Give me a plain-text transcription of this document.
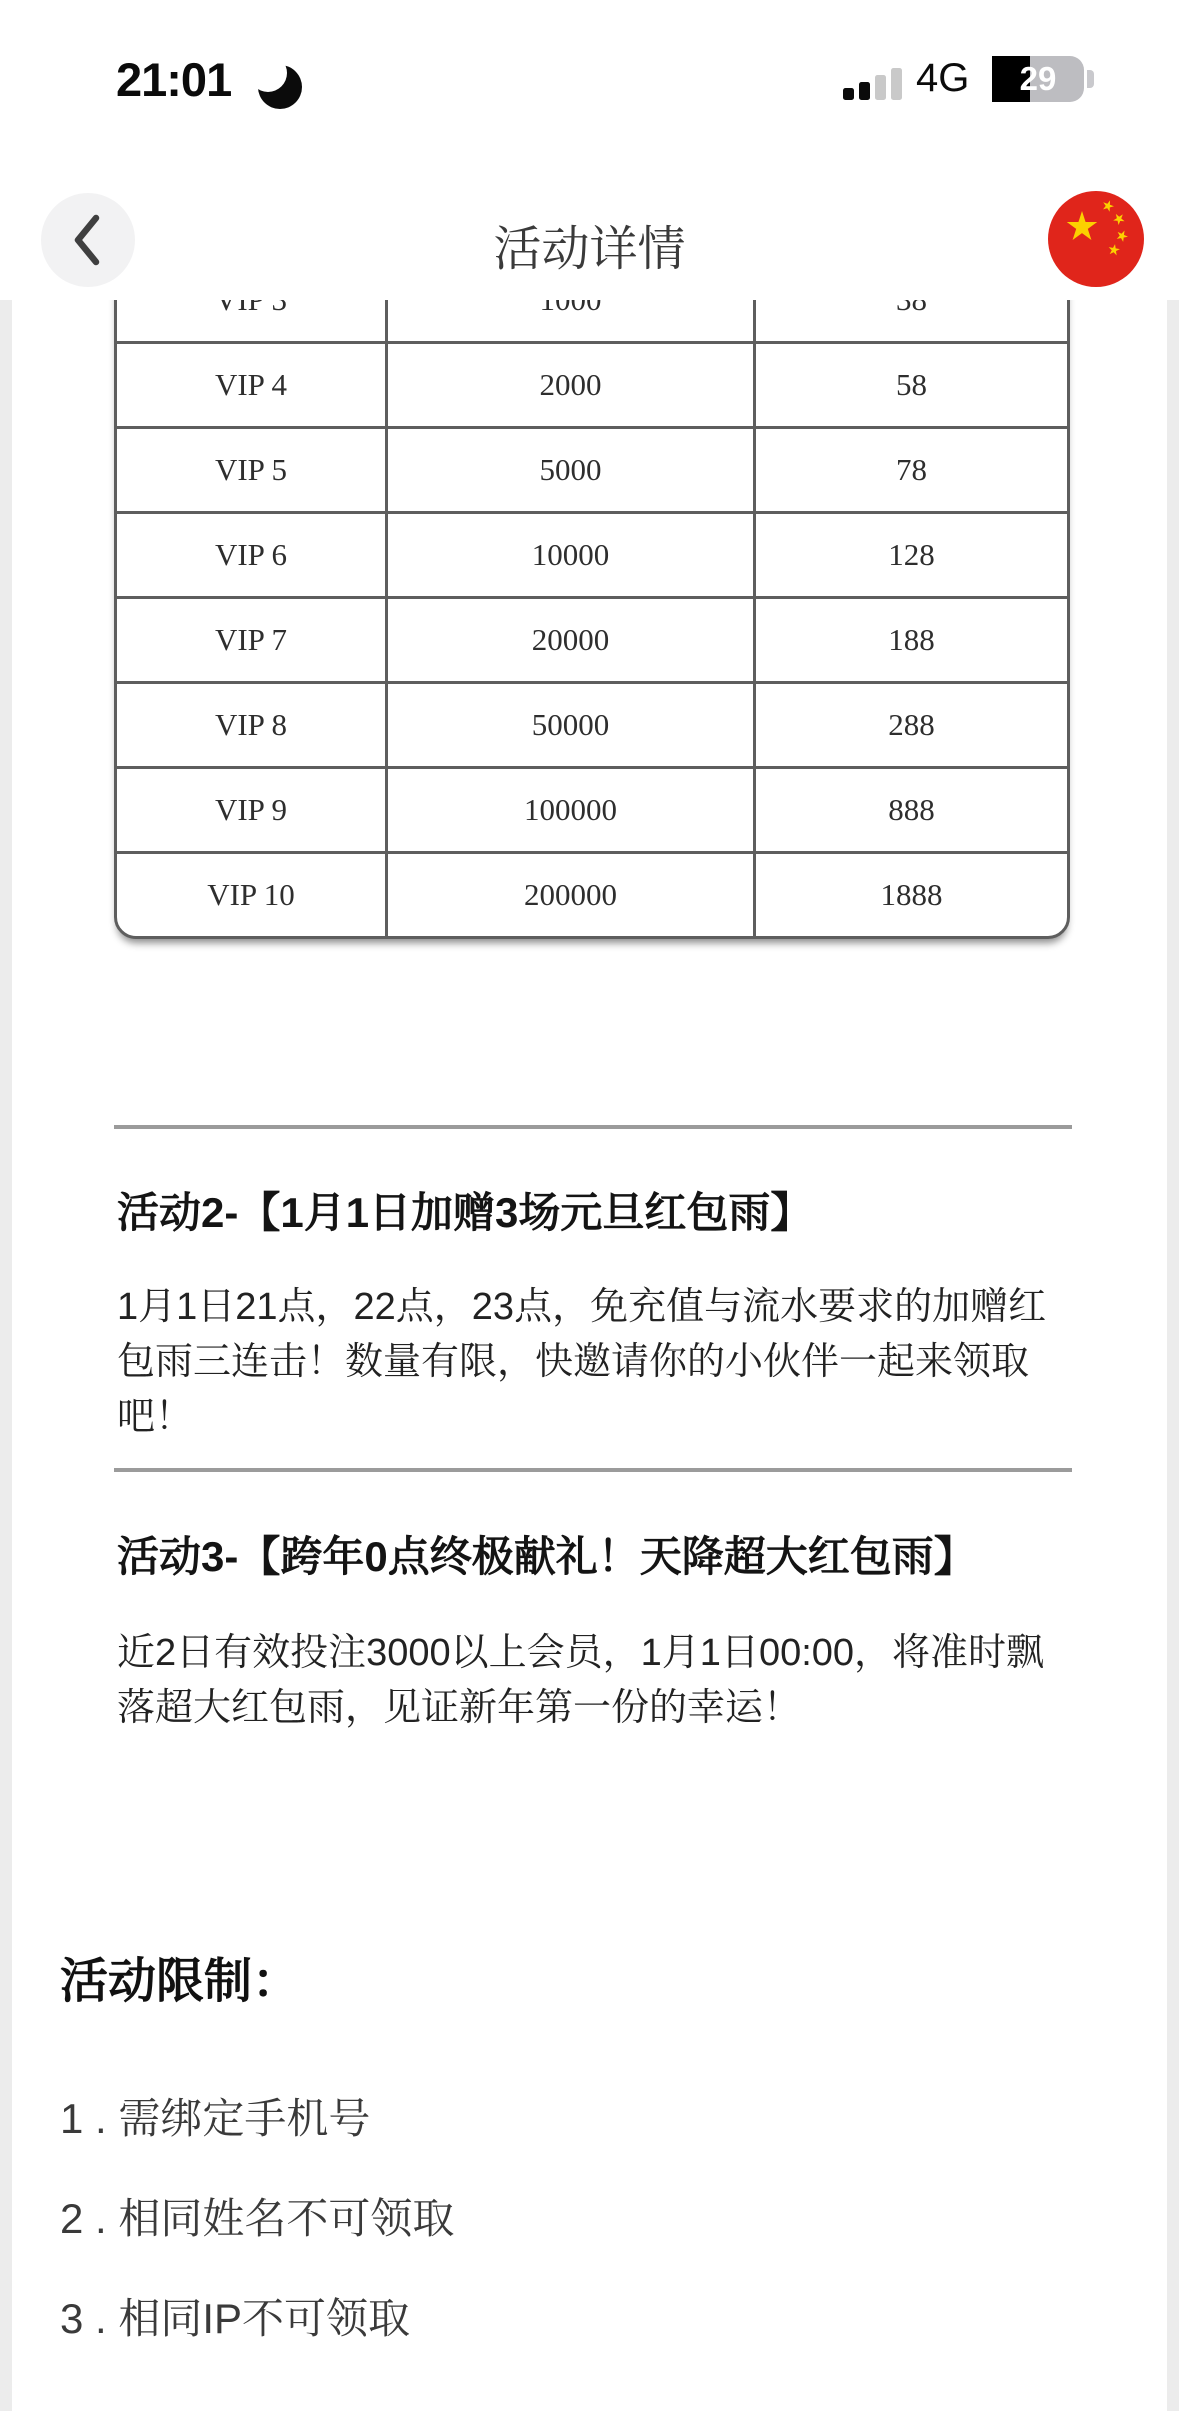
VIP 4	2000	58
VIP 5	5000	78
VIP 6	10000	128
VIP 7	20000	188
VIP 8	50000	288
VIP 9	100000	888
VIP 10	200000	1888
活动2-【1月1日加赠3场元旦红包雨】
1月1日21点，22点，23点，免充值与流水要求的加赠红包雨三连击！数量有限，快邀请你的小伙伴一起来领取吧！
活动3-【跨年0点终极献礼！天降超大红包雨】
近2日有效投注3000以上会员，1月1日00:00，将准时飘落超大红包雨，见证新年第一份的幸运！
活动限制：
1 . 需绑定手机号
2 . 相同姓名不可领取
3 . 相同IP不可领取
21:01	4G	29
活动详情
